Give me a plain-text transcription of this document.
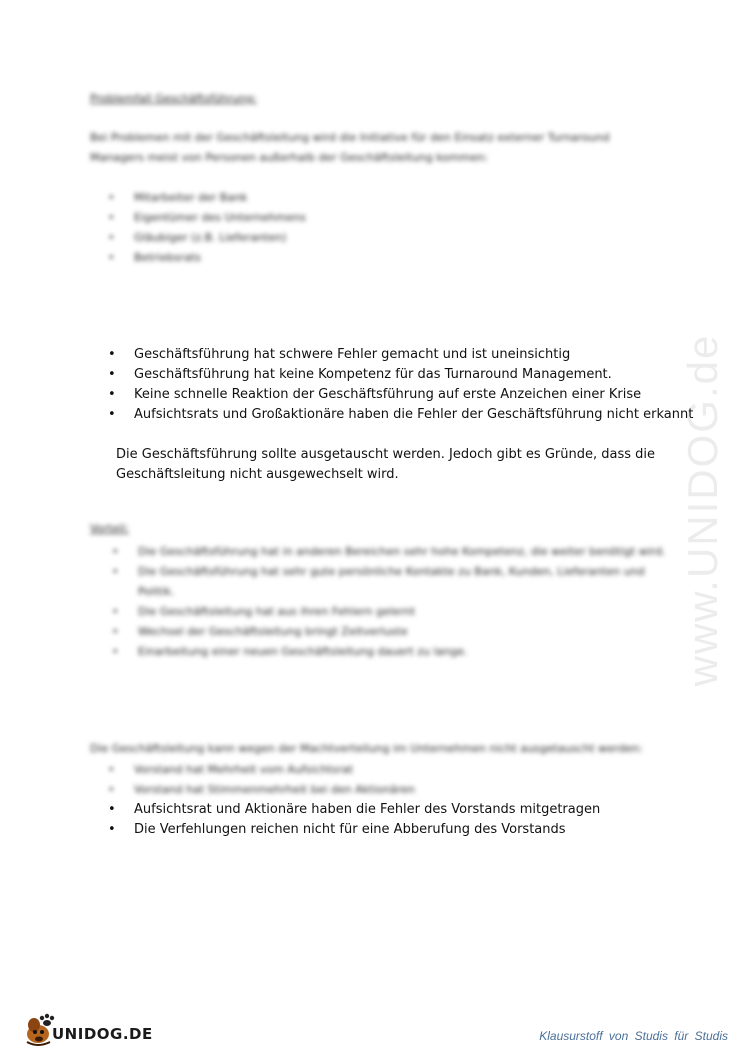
www.UNIDOG.de
Problemfall Geschäftsführung:
Bei Problemen mit der Geschäftsleitung wird die Initiative für den Einsatz externer Turnaround Managers meist von Personen außerhalb der Geschäftsleitung kommen:
• Mitarbeiter der Bank
• Eigentümer des Unternehmens
• Gläubiger (z.B. Lieferanten)
• Betriebsrats
• Geschäftsführung hat schwere Fehler gemacht und ist uneinsichtig
• Geschäftsführung hat keine Kompetenz für das Turnaround Management.
• Keine schnelle Reaktion der Geschäftsführung auf erste Anzeichen einer Krise
• Aufsichtsrats und Großaktionäre haben die Fehler der Geschäftsführung nicht erkannt
Die Geschäftsführung sollte ausgetauscht werden. Jedoch gibt es Gründe, dass die
Geschäftsleitung nicht ausgewechselt wird.
Vorteil:
• Die Geschäftsführung hat in anderen Bereichen sehr hohe Kompetenz, die weiter benötigt wird.
• Die Geschäftsführung hat sehr gute persönliche Kontakte zu Bank, Kunden, Lieferanten und Politik.
• Die Geschäftsleitung hat aus ihren Fehlern gelernt
• Wechsel der Geschäftsleitung bringt Zeitverluste
• Einarbeitung einer neuen Geschäftsleitung dauert zu lange.
Die Geschäftsleitung kann wegen der Machtverteilung im Unternehmen nicht ausgetauscht werden:
• Vorstand hat Mehrheit vom Aufsichtsrat
• Vorstand hat Stimmenmehrheit bei den Aktionären
• Aufsichtsrat und Aktionäre haben die Fehler des Vorstands mitgetragen
• Die Verfehlungen reichen nicht für eine Abberufung des Vorstands
UNIDOG.DE	Klausurstoff von Studis für Studis
